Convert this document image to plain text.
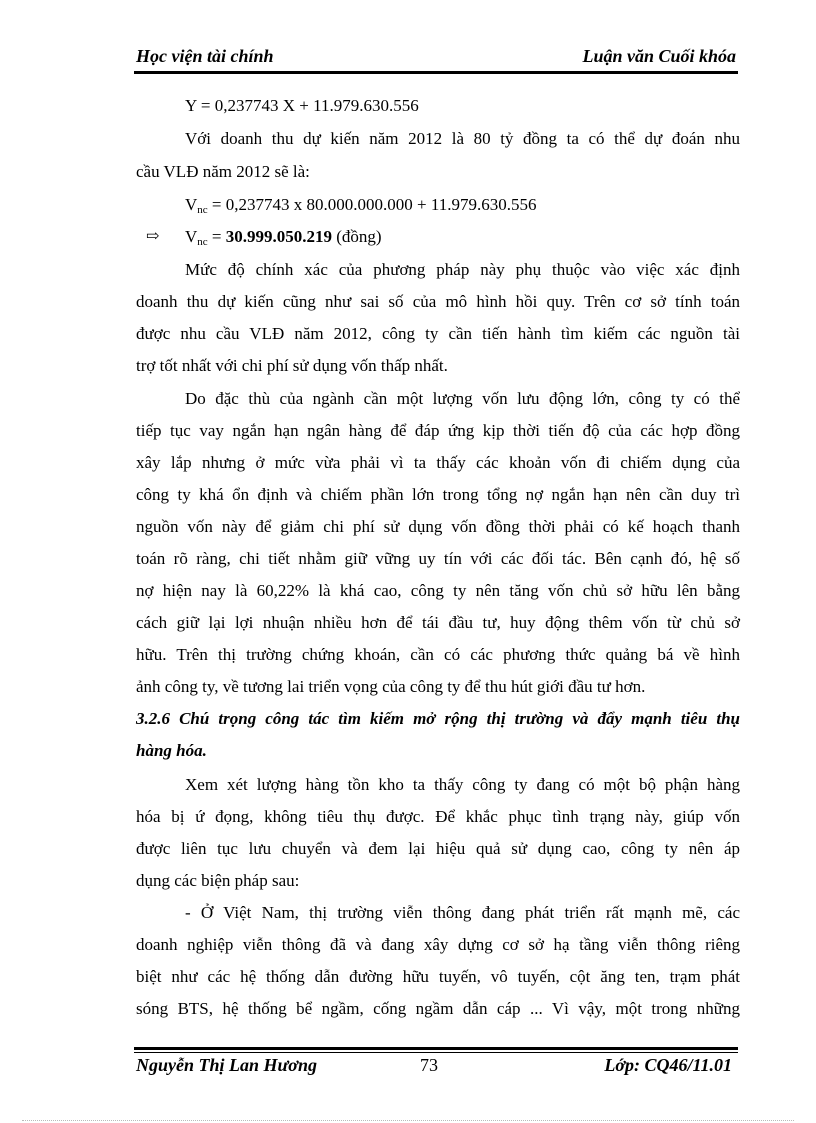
Học viện tài chính	Luận văn Cuối khóa
Y = 0,237743 X + 11.979.630.556
Với doanh thu dự kiến năm 2012 là 80 tỷ đồng ta có thể dự đoán nhu
cầu VLĐ năm 2012 sẽ là:
$V_{nc} = 0,237743$ x 80.000.000.000 + 11.979.630.556
⇨ $V_{nc} = 30.999.050.219$ (đồng)
Mức độ chính xác của phương pháp này phụ thuộc vào việc xác định
doanh thu dự kiến cũng như sai số của mô hình hồi quy. Trên cơ sở tính toán
được nhu cầu VLĐ năm 2012, công ty cần tiến hành tìm kiếm các nguồn tài
trợ tốt nhất với chi phí sử dụng vốn thấp nhất.
Do đặc thù của ngành cần một lượng vốn lưu động lớn, công ty có thể
tiếp tục vay ngắn hạn ngân hàng để đáp ứng kịp thời tiến độ của các hợp đồng
xây lắp nhưng ở mức vừa phải vì ta thấy các khoản vốn đi chiếm dụng của
công ty khá ổn định và chiếm phần lớn trong tổng nợ ngắn hạn nên cần duy trì
nguồn vốn này để giảm chi phí sử dụng vốn đồng thời phải có kế hoạch thanh
toán rõ ràng, chi tiết nhằm giữ vững uy tín với các đối tác. Bên cạnh đó, hệ số
nợ hiện nay là 60,22% là khá cao, công ty nên tăng vốn chủ sở hữu lên bằng
cách giữ lại lợi nhuận nhiều hơn để tái đầu tư, huy động thêm vốn từ chủ sở
hữu. Trên thị trường chứng khoán, cần có các phương thức quảng bá về hình
ảnh công ty, về tương lai triển vọng của công ty để thu hút giới đầu tư hơn.
3.2.6 Chú trọng công tác tìm kiếm mở rộng thị trường và đẩy mạnh tiêu thụ
hàng hóa.
Xem xét lượng hàng tồn kho ta thấy công ty đang có một bộ phận hàng
hóa bị ứ đọng, không tiêu thụ được. Để khắc phục tình trạng này, giúp vốn
được liên tục lưu chuyển và đem lại hiệu quả sử dụng cao, công ty nên áp
dụng các biện pháp sau:
- Ở Việt Nam, thị trường viễn thông đang phát triển rất mạnh mẽ, các
doanh nghiệp viễn thông đã và đang xây dựng cơ sở hạ tầng viễn thông riêng
biệt như các hệ thống dẫn đường hữu tuyến, vô tuyến, cột ăng ten, trạm phát
sóng BTS, hệ thống bể ngầm, cống ngầm dẫn cáp ... Vì vậy, một trong những
Nguyễn Thị Lan Hương	73	Lớp: CQ46/11.01
